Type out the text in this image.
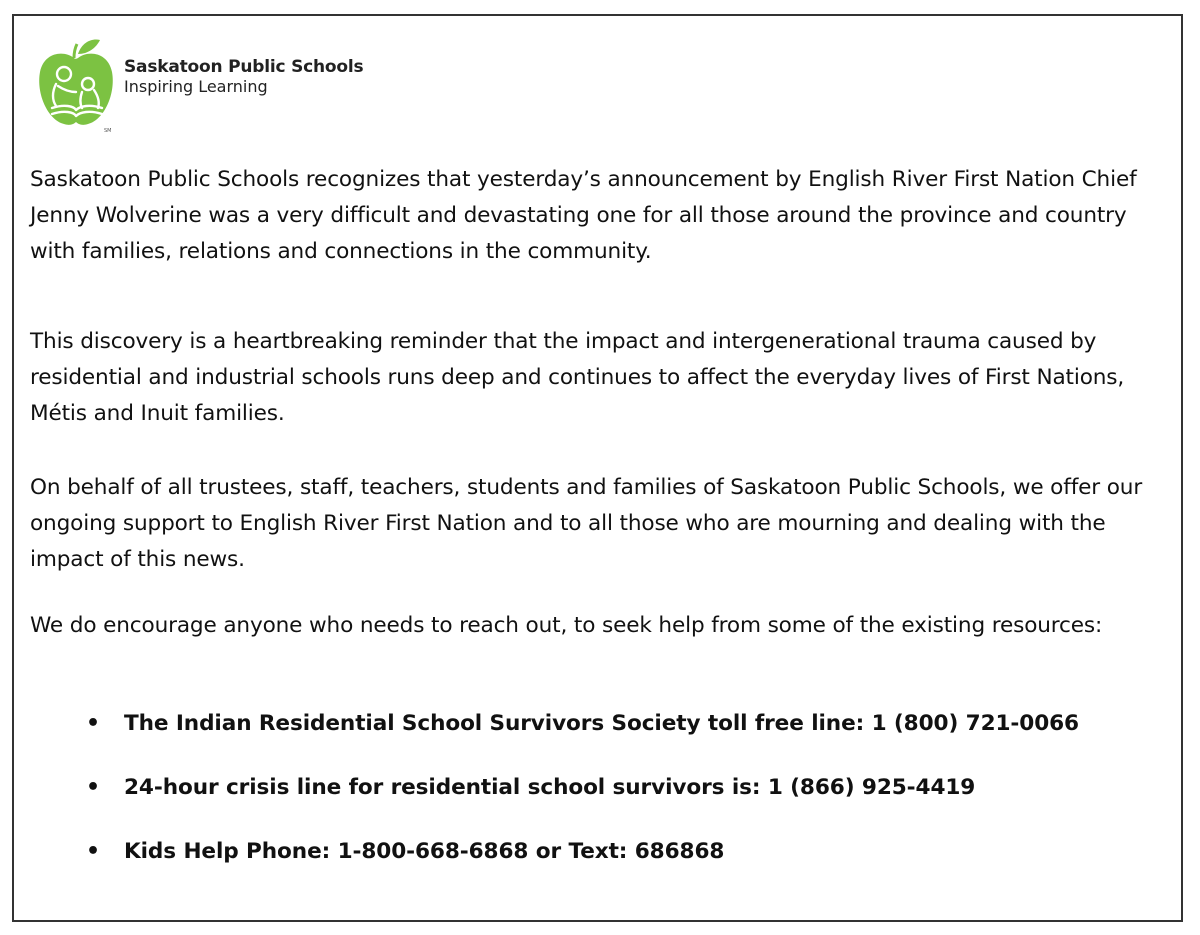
SM
Saskatoon Public Schools
Inspiring Learning

Saskatoon Public Schools recognizes that yesterday’s announcement by English River First Nation Chief Jenny Wolverine was a very difficult and devastating one for all those around the province and country with families, relations and connections in the community.

This discovery is a heartbreaking reminder that the impact and intergenerational trauma caused by residential and industrial schools runs deep and continues to affect the everyday lives of First Nations, Métis and Inuit families.

On behalf of all trustees, staff, teachers, students and families of Saskatoon Public Schools, we offer our ongoing support to English River First Nation and to all those who are mourning and dealing with the impact of this news.

We do encourage anyone who needs to reach out, to seek help from some of the existing resources:

•	The Indian Residential School Survivors Society toll free line: 1 (800) 721-0066
•	24-hour crisis line for residential school survivors is: 1 (866) 925-4419
•	Kids Help Phone: 1-800-668-6868 or Text: 686868
